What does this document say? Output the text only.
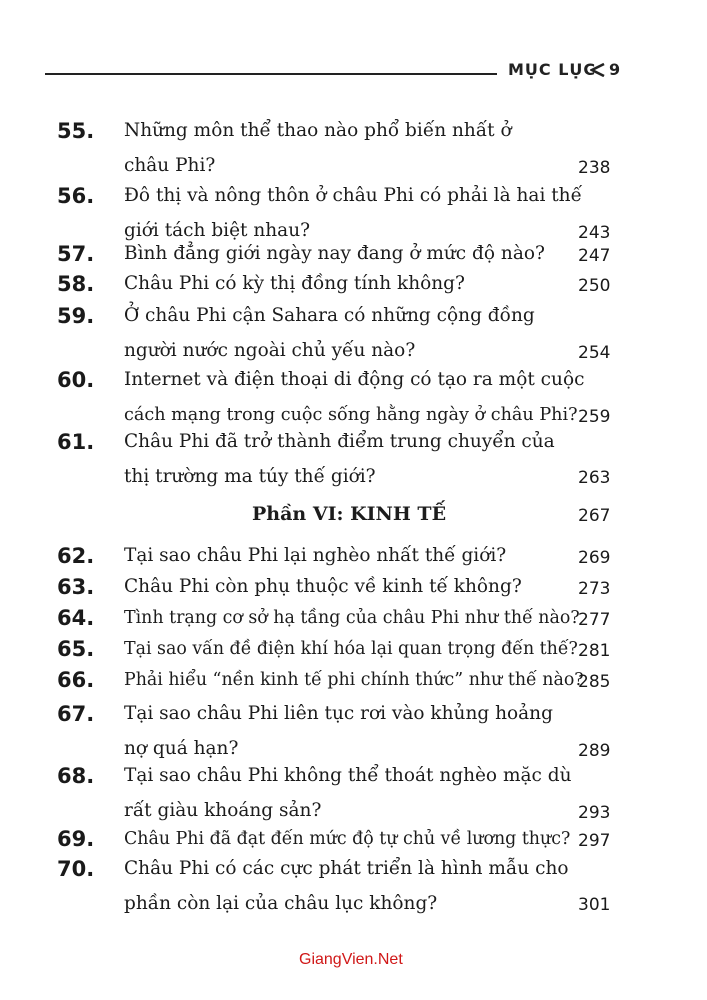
MỤC LỤC 9
55. Những môn thể thao nào phổ biến nhất ở
châu Phi?	238
56. Đô thị và nông thôn ở châu Phi có phải là hai thế
giới tách biệt nhau?	243
57. Bình đẳng giới ngày nay đang ở mức độ nào? 247
58. Châu Phi có kỳ thị đồng tính không?	250
59. Ở châu Phi cận Sahara có những cộng đồng
người nước ngoài chủ yếu nào?	254
60. Internet và điện thoại di động có tạo ra một cuộc
cách mạng trong cuộc sống hằng ngày ở châu Phi? 259
61. Châu Phi đã trở thành điểm trung chuyển của
thị trường ma túy thế giới?	263
Phần VI: KINH TẾ	267
62. Tại sao châu Phi lại nghèo nhất thế giới?	269
63. Châu Phi còn phụ thuộc về kinh tế không?	273
64. Tình trạng cơ sở hạ tầng của châu Phi như thế nào?
277
65. Tại sao vấn đề điện khí hóa lại quan trọng đến thế? 281
66. Phải hiểu “nền kinh tế phi chính thức” như thế nào?
285
67. Tại sao châu Phi liên tục rơi vào khủng hoảng
nợ quá hạn?	289
68. Tại sao châu Phi không thể thoát nghèo mặc dù
rất giàu khoáng sản?	293
69. Châu Phi đã đạt đến mức độ tự chủ về lương thực? 297
70. Châu Phi có các cực phát triển là hình mẫu cho
phần còn lại của châu lục không?	301
GiangVien.Net
